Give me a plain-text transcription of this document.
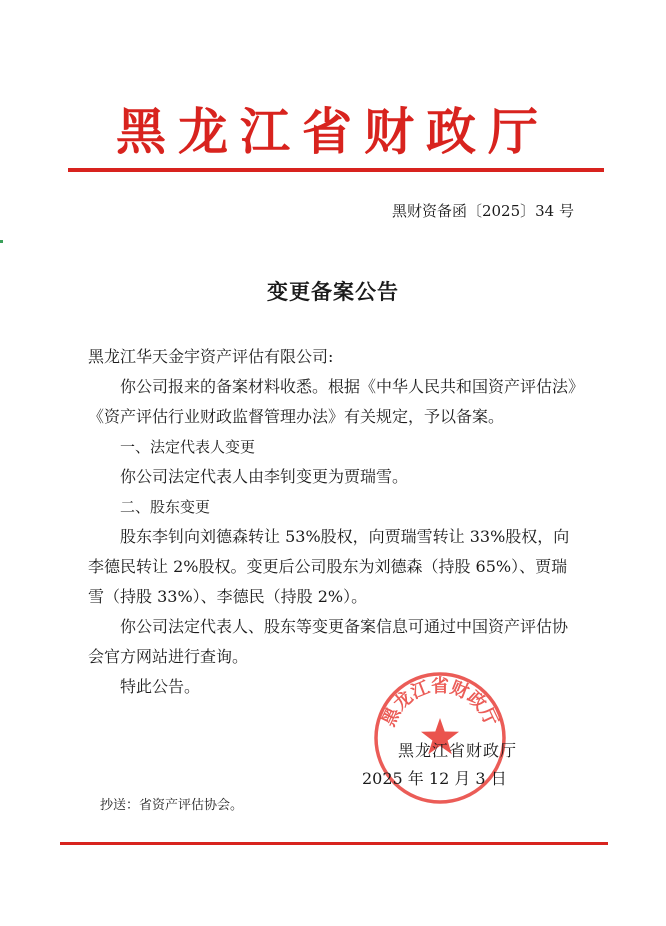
黑龙江省财政厅
黑财资备函〔2025〕34 号
变更备案公告

黑龙江华天金宇资产评估有限公司:

你公司报来的备案材料收悉。根据《中华人民共和国资产评估法》《资产评估行业财政监督管理办法》有关规定，予以备案。

一、法定代表人变更

你公司法定代表人由李钊变更为贾瑞雪。

二、股东变更

股东李钊向刘德森转让 53%股权，向贾瑞雪转让 33%股权，向李德民转让 2%股权。变更后公司股东为刘德森（持股 65%）、贾瑞雪（持股 33%）、李德民（持股 2%）。

你公司法定代表人、股东等变更备案信息可通过中国资产评估协会官方网站进行查询。

特此公告。

黑龙江省财政厅
黑龙江省财政厅
2025 年 12 月 3 日
抄送：省资产评估协会。
